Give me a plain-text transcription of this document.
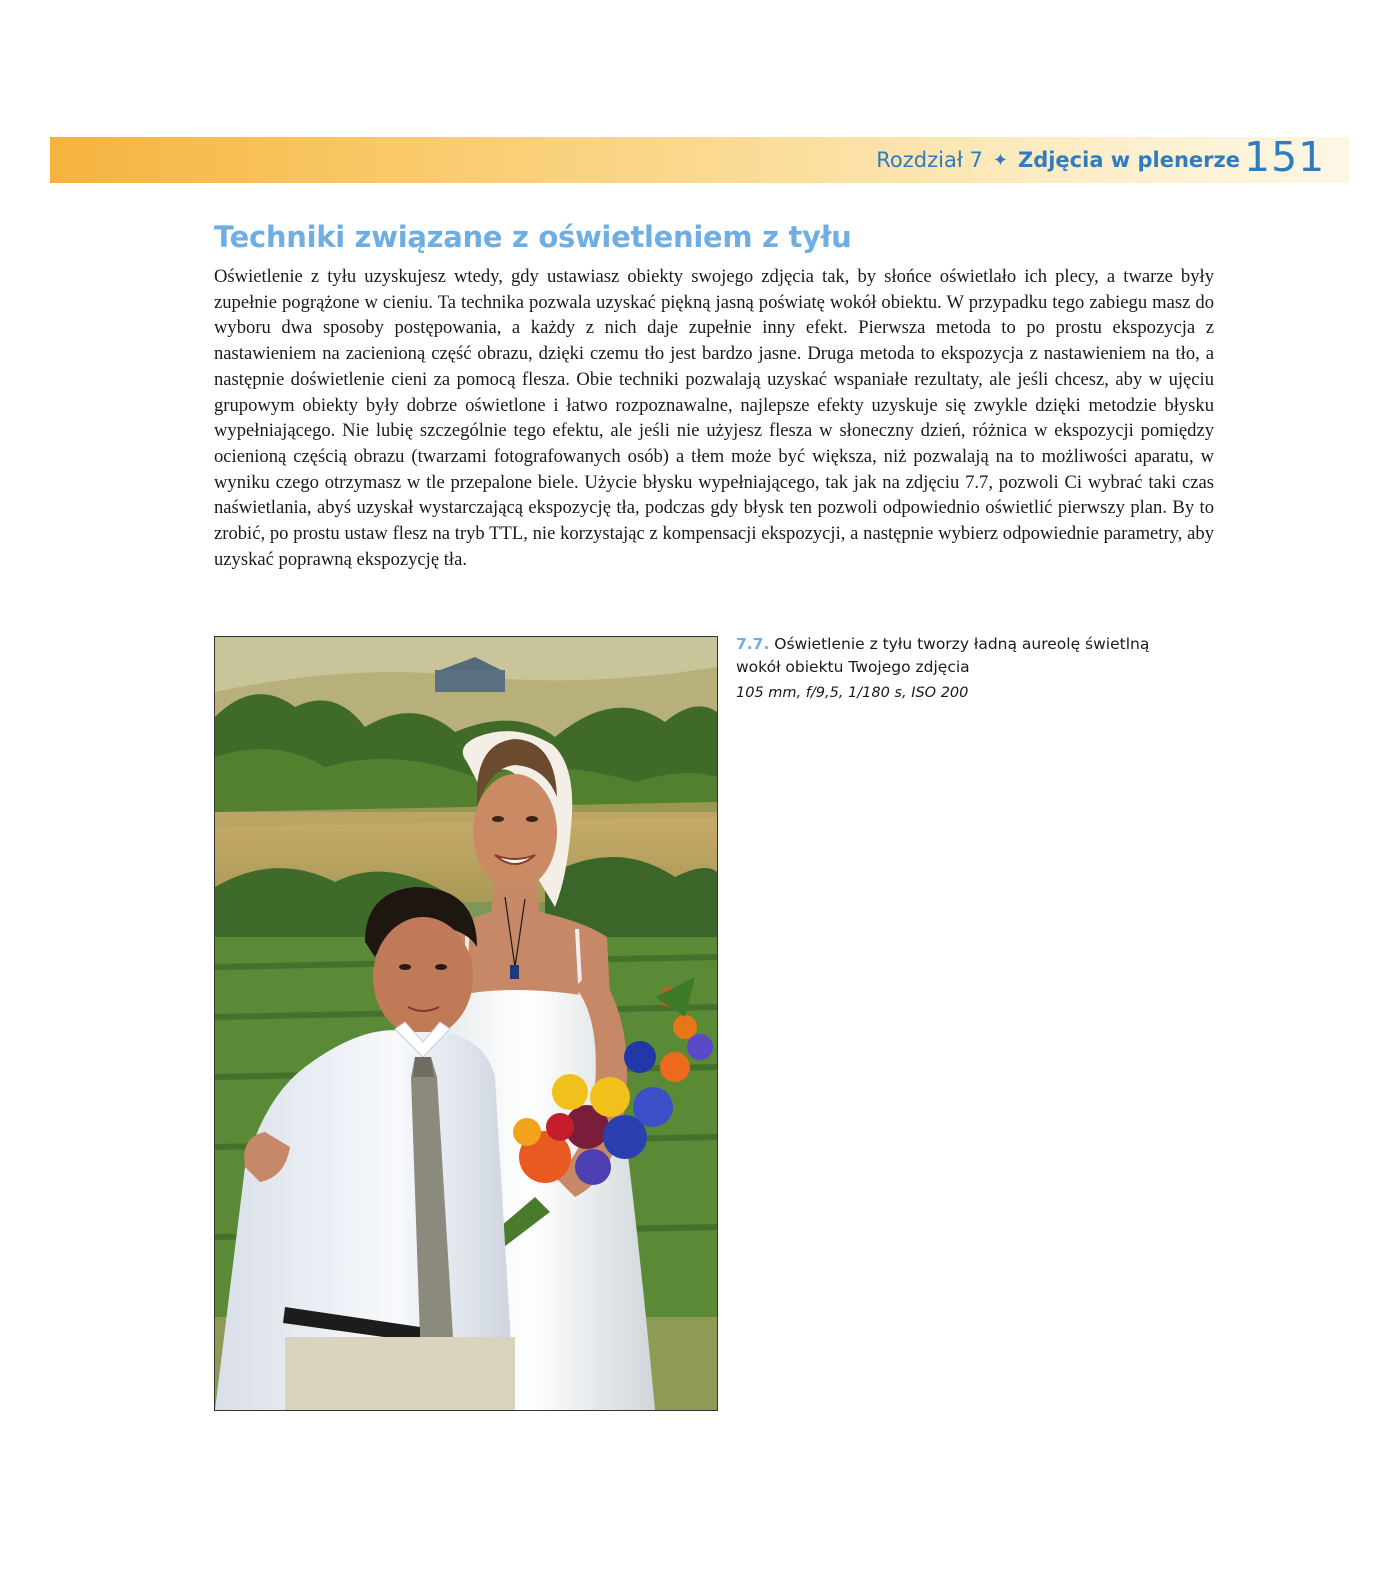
Rozdział 7 ✦ Zdjęcia w plenerze 151
Techniki związane z oświetleniem z tyłu

Oświetlenie z tyłu uzyskujesz wtedy, gdy ustawiasz obiekty swojego zdjęcia tak, by słońce oświetlało ich plecy, a twarze były zupełnie pogrążone w cieniu. Ta technika pozwala uzyskać piękną jasną poświatę wokół obiektu. W przypadku tego zabiegu masz do wyboru dwa sposoby postępowania, a każdy z nich daje zupełnie inny efekt. Pierwsza metoda to po prostu ekspozycja z nastawieniem na zacienioną część obrazu, dzięki czemu tło jest bardzo jasne. Druga metoda to ekspozycja z nastawieniem na tło, a następnie doświetlenie cieni za pomocą flesza. Obie techniki pozwalają uzyskać wspaniałe rezultaty, ale jeśli chcesz, aby w ujęciu grupowym obiekty były dobrze oświetlone i łatwo rozpoznawalne, najlepsze efekty uzyskuje się zwykle dzięki metodzie błysku wypełniającego. Nie lubię szczególnie tego efektu, ale jeśli nie użyjesz flesza w słoneczny dzień, różnica w ekspozycji pomiędzy ocienioną częścią obrazu (twarzami fotografowanych osób) a tłem może być większa, niż pozwalają na to możliwości aparatu, w wyniku czego otrzymasz w tle przepalone biele. Użycie błysku wypełniającego, tak jak na zdjęciu 7.7, pozwoli Ci wybrać taki czas naświetlania, abyś uzyskał wystarczającą ekspozycję tła, podczas gdy błysk ten pozwoli odpowiednio oświetlić pierwszy plan. By to zrobić, po prostu ustaw flesz na tryb TTL, nie korzystając z kompensacji ekspozycji, a następnie wybierz odpowiednie parametry, aby uzyskać poprawną ekspozycję tła.

7.7. Oświetlenie z tyłu tworzy ładną aureolę świetlną wokół obiektu Twojego zdjęcia
105 mm, f/9,5, 1/180 s, ISO 200
